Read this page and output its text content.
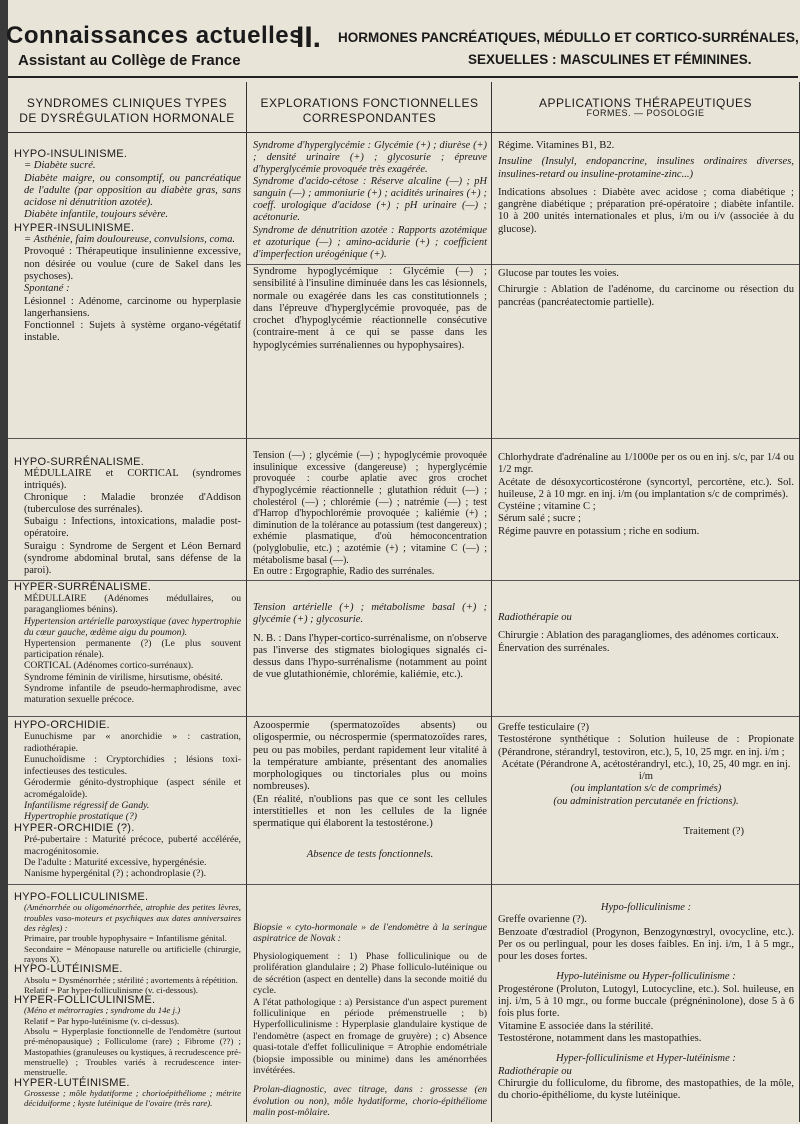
Connaissances actuelles
Assistant au Collège de France
II. HORMONES PANCRÉATIQUES, MÉDULLO ET CORTICO-SURRÉNALES,
SEXUELLES : MASCULINES ET FÉMININES.
SYNDROMES CLINIQUES TYPES
DE DYSRÉGULATION HORMONALE
HYPO-INSULINISME.
= Diabète sucré.
Diabète maigre, ou consomptif, ou pancréatique de l'adulte (par opposition au diabète gras, sans acidose ni dénutrition azotée).
Diabète infantile, toujours sévère.
HYPER-INSULINISME.
= Asthénie, faim douloureuse, convulsions, coma.
Provoqué : Thérapeutique insulinienne excessive, non désirée ou voulue (cure de Sakel dans les psychoses).
Spontané :
Lésionnel : Adénome, carcinome ou hyperplasie langerhansiens.
Fonctionnel : Sujets à système organo-végétatif instable.
HYPO-SURRÉNALISME.
MÉDULLAIRE et CORTICAL (syndromes intriqués).
Chronique : Maladie bronzée d'Addison (tuberculose des surrénales).
Subaigu : Infections, intoxications, maladie post-opératoire.
Suraigu : Syndrome de Sergent et Léon Bernard (syndrome abdominal brutal, sans défense de la paroi).
HYPER-SURRÉNALISME.
MÉDULLAIRE (Adénomes médullaires, ou paragangliomes bénins).
Hypertension artérielle paroxystique (avec hypertrophie du cœur gauche, œdème aigu du poumon).
Hypertension permanente (?) (Le plus souvent participation rénale).
CORTICAL (Adénomes cortico-surrénaux).
Syndrome féminin de virilisme, hirsutisme, obésité.
Syndrome infantile de pseudo-hermaphrodisme, avec maturation sexuelle précoce.
HYPO-ORCHIDIE.
Eunuchisme par « anorchidie » : castration, radiothérapie.
Eunuchoïdisme : Cryptorchidies ; lésions toxi-infectieuses des testicules.
Gérodermie génito-dystrophique (aspect sénile et acromégaloïde).
Infantilisme régressif de Gandy.
Hypertrophie prostatique (?)
HYPER-ORCHIDIE (?).
Pré-pubertaire : Maturité précoce, puberté accélérée, macrogénitosomie.
De l'adulte : Maturité excessive, hypergénésie.
Nanisme hypergénital (?) ; achondroplasie (?).
HYPO-FOLLICULINISME.
(Aménorrhée ou oligoménorrhée, atrophie des petites lèvres, troubles vaso-moteurs et psychiques aux dates anniversaires des règles) :
Primaire, par trouble hypophysaire = Infantilisme génital.
Secondaire = Ménopause naturelle ou artificielle (chirurgie, rayons X).
HYPO-LUTÉINISME.
Absolu = Dysménorrhée ; stérilité ; avortements à répétition.
Relatif = Par hyper-folliculinisme (v. ci-dessous).
HYPER-FOLLICULINISME.
(Méno et métrorragies ; syndrome du 14e j.)
Relatif = Par hypo-lutéinisme (v. ci-dessus).
Absolu = Hyperplasie fonctionnelle de l'endomètre (surtout pré-ménopausique) ; Folliculome (rare) ; Fibrome (??) ; Mastopathies (granuleuses ou kystiques, à recrudescence pré-menstruelle) ; Troubles variés à recrudescence inter-menstruelle.
HYPER-LUTÉINISME.
Grossesse ; môle hydatiforme ; chorioépithéliome ; métrite déciduiforme ; kyste lutéinique de l'ovaire (très rare).
EXPLORATIONS FONCTIONNELLES
CORRESPONDANTES
Syndrome d'hyperglycémie : Glycémie (+) ; diurèse (+) ; densité urinaire (+) ; glycosurie ; épreuve d'hyperglycémie provoquée très exagérée.
Syndrome d'acido-cétose : Réserve alcaline (—) ; pH sanguin (—) ; ammoniurie (+) ; acidités urinaires (+) ; coeff. urologique d'acidose (+) ; pH urinaire (—) ; acétonurie.
Syndrome de dénutrition azotée : Rapports azotémique et azoturique (—) ; amino-acidurie (+) ; coefficient d'imperfection uréogénique (+).
Syndrome hypoglycémique : Glycémie (—) ; sensibilité à l'insuline diminuée dans les cas lésionnels, normale ou exagérée dans les cas constitutionnels ; dans l'épreuve d'hyperglycémie provoquée, pas de crochet d'hypoglycémie réactionnelle consécutive (contraire-ment à ce qui se passe dans les hypoglycémies surrénaliennes ou hypophysaires).
Tension (—) ; glycémie (—) ; hypoglycémie provoquée insulinique excessive (dangereuse) ; hyperglycémie provoquée : courbe aplatie avec gros crochet d'hypoglycémie réactionnelle ; glutathion réduit (—) ; cholestérol (—) ; chlorémie (—) ; natrémie (—) ; test d'Harrop d'hypochlorémie provoquée ; kaliémie (+) ; diminution de la tolérance au potassium (test dangereux) ; exhémie plasmatique, d'où hémoconcentration (polyglobulie, etc.) ; azotémie (+) ; vitamine C (—) ; métabolisme basal (—).
En outre : Ergographie, Radio des surrénales.
Tension artérielle (+) ; métabolisme basal (+) ; glycémie (+) ; glycosurie.
N. B. : Dans l'hyper-cortico-surrénalisme, on n'observe pas l'inverse des stigmates biologiques signalés ci-dessus dans l'hypo-surrénalisme (notamment au point de vue glutathionémie, chlorémie, kaliémie, etc.).
Azoospermie (spermatozoïdes absents) ou oligospermie, ou nécrospermie (spermatozoïdes rares, peu ou pas mobiles, perdant rapidement leur vitalité à la température ambiante, présentant des anomalies morphologiques ou tinctoriales plus ou moins nombreuses).
(En réalité, n'oublions pas que ce sont les cellules interstitielles et non les cellules de la lignée spermatique qui élaborent la testostérone.)
Absence de tests fonctionnels.
Biopsie « cyto-hormonale » de l'endomètre à la seringue aspiratrice de Novak :
Physiologiquement : 1) Phase folliculinique ou de prolifération glandulaire ; 2) Phase folliculo-lutéinique ou de sécrétion (aspect en dentelle) dans la seconde moitié du cycle.
A l'état pathologique : a) Persistance d'un aspect purement folliculinique en période prémenstruelle ; b) Hyperfolliculinisme : Hyperplasie glandulaire kystique de l'endomètre (aspect en fromage de gruyère) ; c) Absence quasi-totale d'effet folliculinique = Atrophie endométriale (biopsie impossible ou minime) dans les aménorrhées invétérées.
Prolan-diagnostic, avec titrage, dans : grossesse (en évolution ou non), môle hydatiforme, chorio-épithéliome malin post-môlaire.
APPLICATIONS THÉRAPEUTIQUES
FORMES. — POSOLOGIE
Régime. Vitamines B1, B2.
Insuline (Insulyl, endopancrine, insulines ordinaires diverses, insulines-retard ou insuline-protamine-zinc...)
Indications absolues : Diabète avec acidose ; coma diabétique ; gangrène diabétique ; préparation pré-opératoire ; diabète infantile. 10 à 200 unités internationales et plus, i/m ou i/v (associée à du glucose).
Glucose par toutes les voies.
Chirurgie : Ablation de l'adénome, du carcinome ou résection du pancréas (pancréatectomie partielle).
Chlorhydrate d'adrénaline au 1/1000e per os ou en inj. s/c, par 1/4 ou 1/2 mgr.
Acétate de désoxycorticostérone (syncortyl, percortène, etc.). Sol. huileuse, 2 à 10 mgr. en inj. i/m (ou implantation s/c de comprimés).
Cystéine ; vitamine C ;
Sérum salé ; sucre ;
Régime pauvre en potassium ; riche en sodium.
Radiothérapie ou
Chirurgie : Ablation des paragangliomes, des adénomes corticaux.
Énervation des surrénales.
Greffe testiculaire (?)
Testostérone synthétique : Solution huileuse de : Propionate (Pérandrone, stérandryl, testoviron, etc.), 5, 10, 25 mgr. en inj. i/m ;
Acétate (Pérandrone A, acétostérandryl, etc.), 10, 25, 40 mgr. en inj. i/m
(ou implantation s/c de comprimés)
(ou administration percutanée en frictions).
Traitement (?)
Hypo-folliculinisme :
Greffe ovarienne (?).
Benzoate d'œstradiol (Progynon, Benzogynœstryl, ovocycline, etc.). Per os ou perlingual, pour les doses faibles. En inj. i/m, 1 à 5 mgr., pour les doses fortes.
Hypo-lutéinisme ou Hyper-folliculinisme :
Progestérone (Proluton, Lutogyl, Lutocycline, etc.). Sol. huileuse, en inj. i/m, 5 à 10 mgr., ou forme buccale (prégnéninolone), dose 5 à 6 fois plus forte.
Vitamine E associée dans la stérilité.
Testostérone, notamment dans les mastopathies.
Hyper-folliculinisme et Hyper-lutéinisme :
Radiothérapie ou
Chirurgie du folliculome, du fibrome, des mastopathies, de la môle, du chorio-épithéliome, du kyste lutéinique.
